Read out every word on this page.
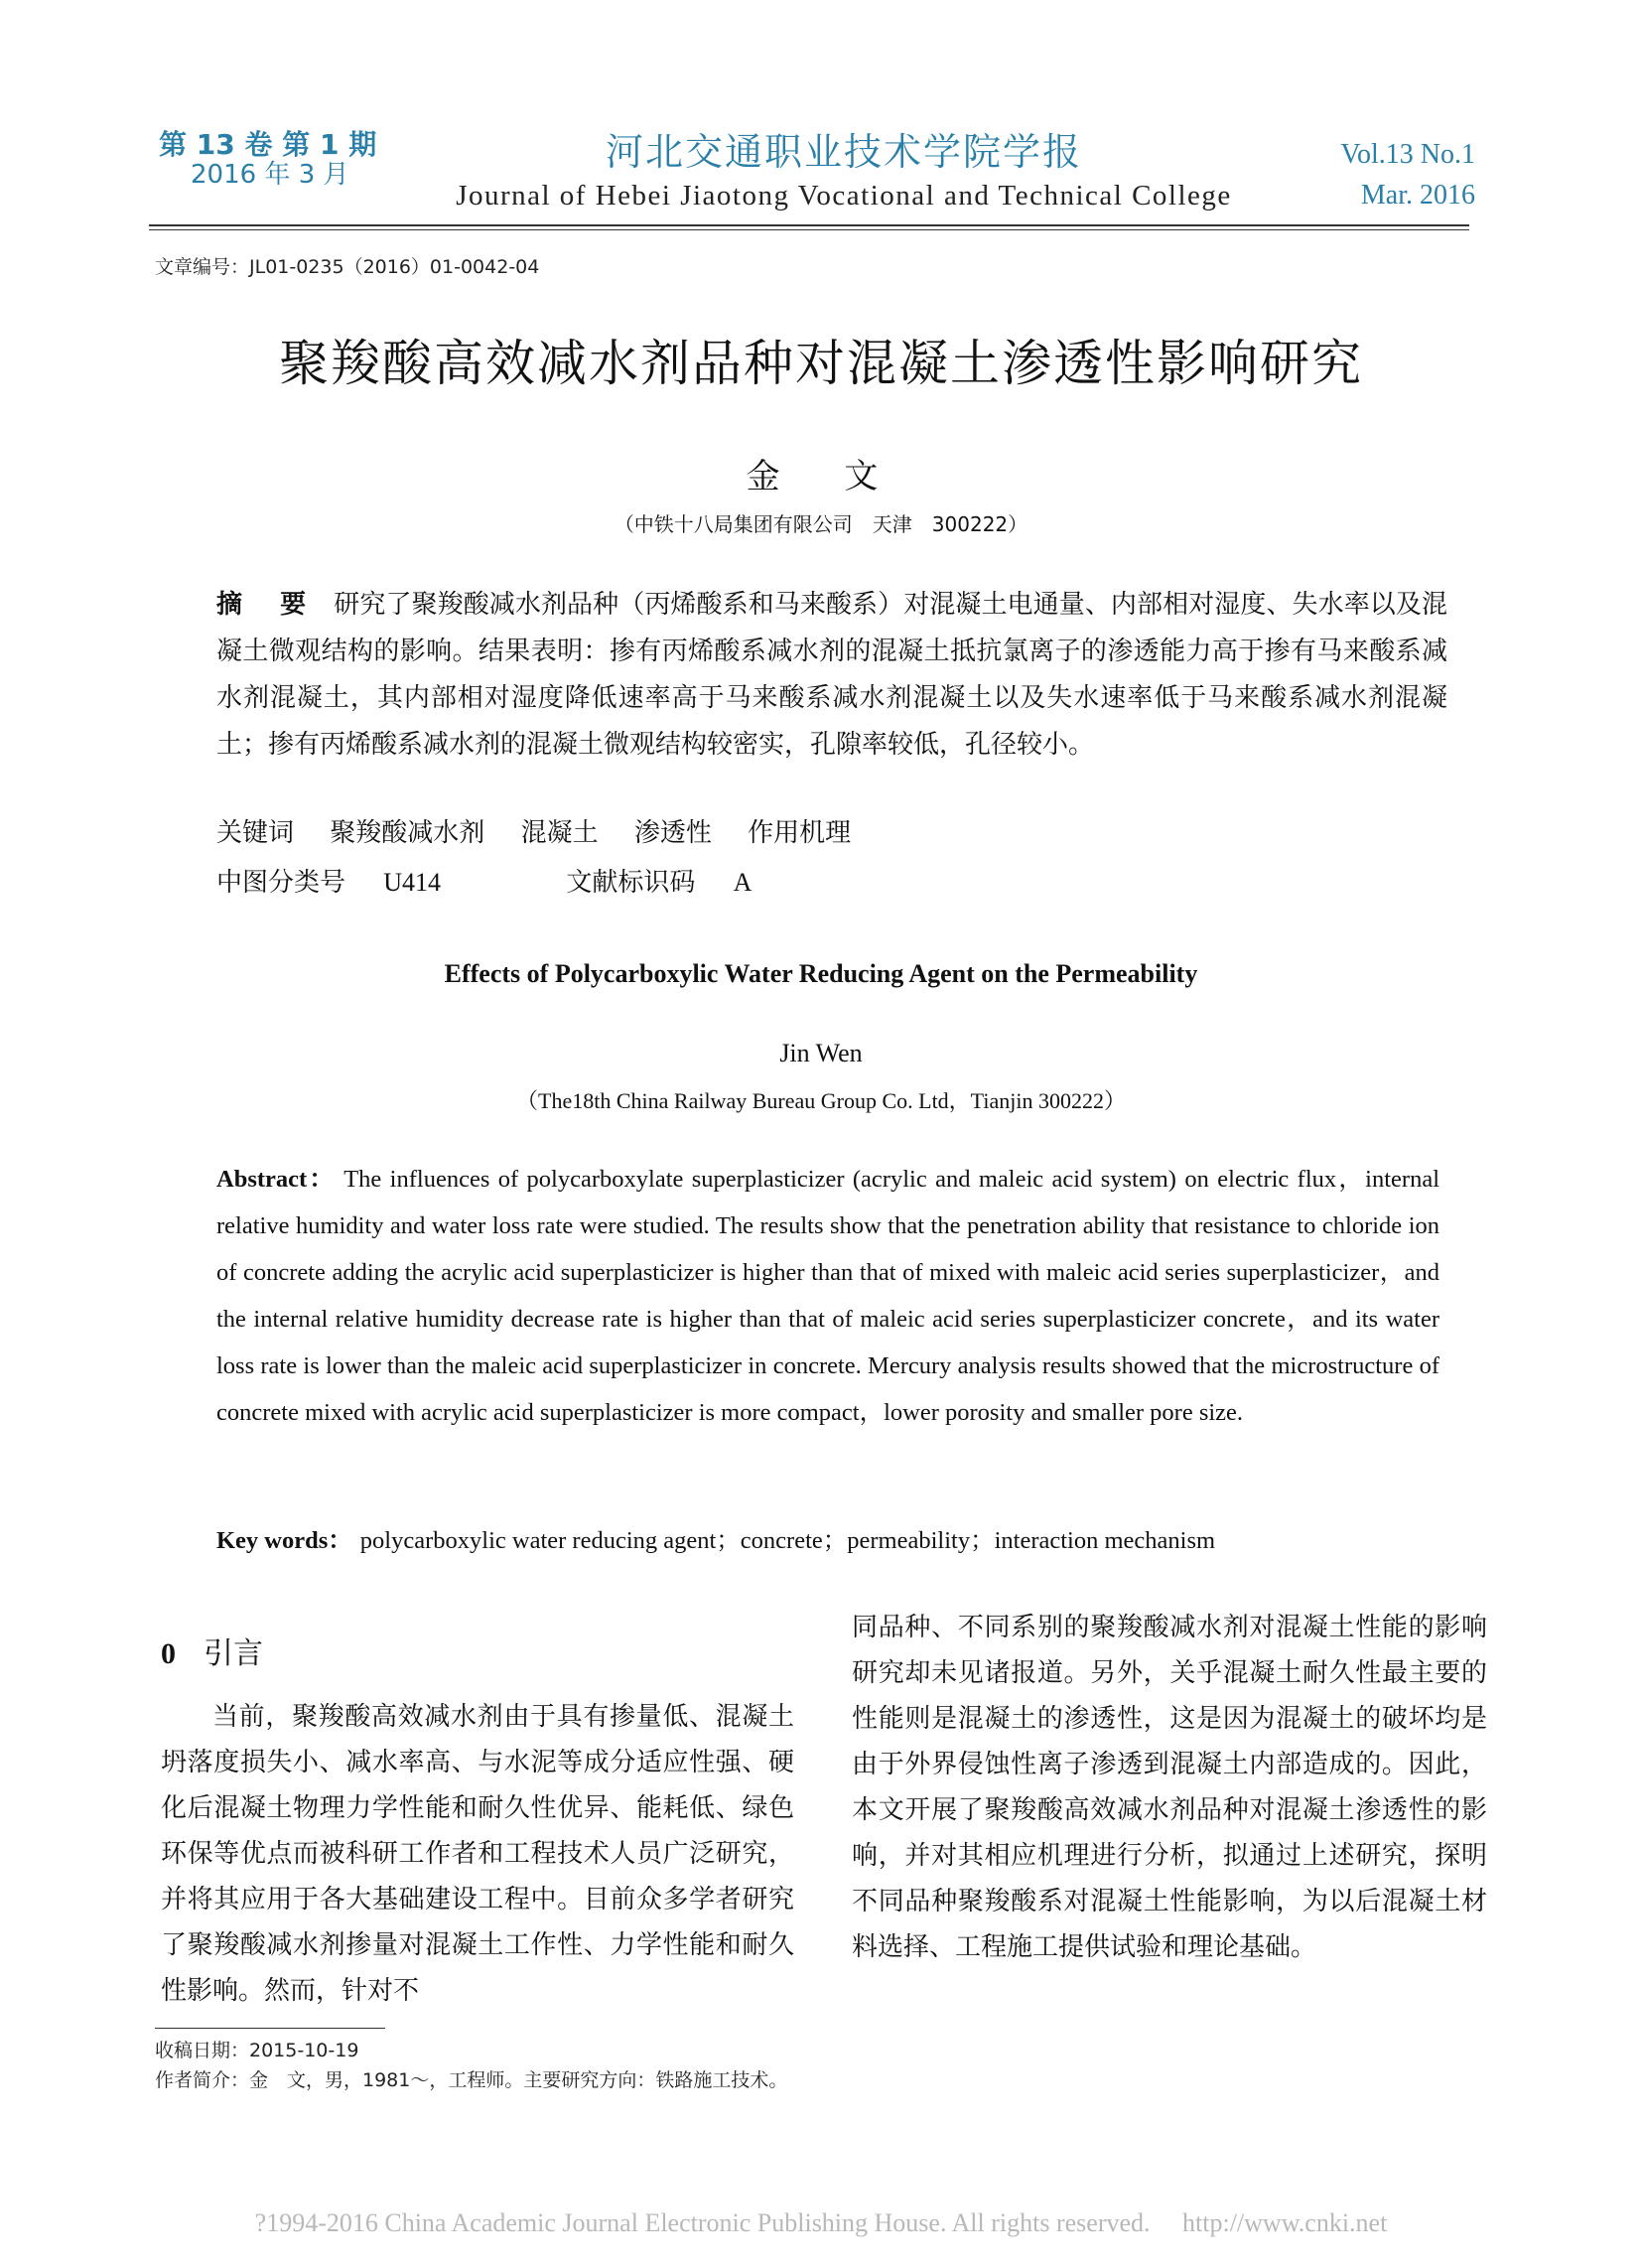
第 13 卷 第 1 期
2016 年 3 月
河北交通职业技术学院学报
Journal of Hebei Jiaotong Vocational and Technical College
Vol.13 No.1
Mar. 2016
文章编号：JL01-0235（2016）01-0042-04
聚羧酸高效减水剂品种对混凝土渗透性影响研究
金 文
（中铁十八局集团有限公司　天津　300222）
摘　要 研究了聚羧酸减水剂品种（丙烯酸系和马来酸系）对混凝土电通量、内部相对湿度、失水率以及混凝土微观结构的影响。结果表明：掺有丙烯酸系减水剂的混凝土抵抗氯离子的渗透能力高于掺有马来酸系减水剂混凝土，其内部相对湿度降低速率高于马来酸系减水剂混凝土以及失水速率低于马来酸系减水剂混凝土；掺有丙烯酸系减水剂的混凝土微观结构较密实，孔隙率较低，孔径较小。
关键词 聚羧酸减水剂 混凝土 渗透性 作用机理
中图分类号 U414	文献标识码 A
Effects of Polycarboxylic Water Reducing Agent on the Permeability
Jin Wen
（The18th China Railway Bureau Group Co. Ltd，Tianjin 300222）
Abstract： The influences of polycarboxylate superplasticizer (acrylic and maleic acid system) on electric flux，internal relative humidity and water loss rate were studied. The results show that the penetration ability that resistance to chloride ion of concrete adding the acrylic acid superplasticizer is higher than that of mixed with maleic acid series superplasticizer，and the internal relative humidity decrease rate is higher than that of maleic acid series superplasticizer concrete，and its water loss rate is lower than the maleic acid superplasticizer in concrete. Mercury analysis results showed that the microstructure of concrete mixed with acrylic acid superplasticizer is more compact，lower porosity and smaller pore size.
Key words： polycarboxylic water reducing agent；concrete；permeability；interaction mechanism
0 引言
当前，聚羧酸高效减水剂由于具有掺量低、混凝土坍落度损失小、减水率高、与水泥等成分适应性强、硬化后混凝土物理力学性能和耐久性优异、能耗低、绿色环保等优点而被科研工作者和工程技术人员广泛研究，并将其应用于各大基础建设工程中。目前众多学者研究了聚羧酸减水剂掺量对混凝土工作性、力学性能和耐久性影响。然而，针对不
同品种、不同系别的聚羧酸减水剂对混凝土性能的影响研究却未见诸报道。另外，关乎混凝土耐久性最主要的性能则是混凝土的渗透性，这是因为混凝土的破坏均是由于外界侵蚀性离子渗透到混凝土内部造成的。因此，本文开展了聚羧酸高效减水剂品种对混凝土渗透性的影响，并对其相应机理进行分析，拟通过上述研究，探明不同品种聚羧酸系对混凝土性能影响，为以后混凝土材料选择、工程施工提供试验和理论基础。
收稿日期：2015-10-19
作者简介：金　文，男，1981～，工程师。主要研究方向：铁路施工技术。
?1994-2016 China Academic Journal Electronic Publishing House. All rights reserved.　 http://www.cnki.net
